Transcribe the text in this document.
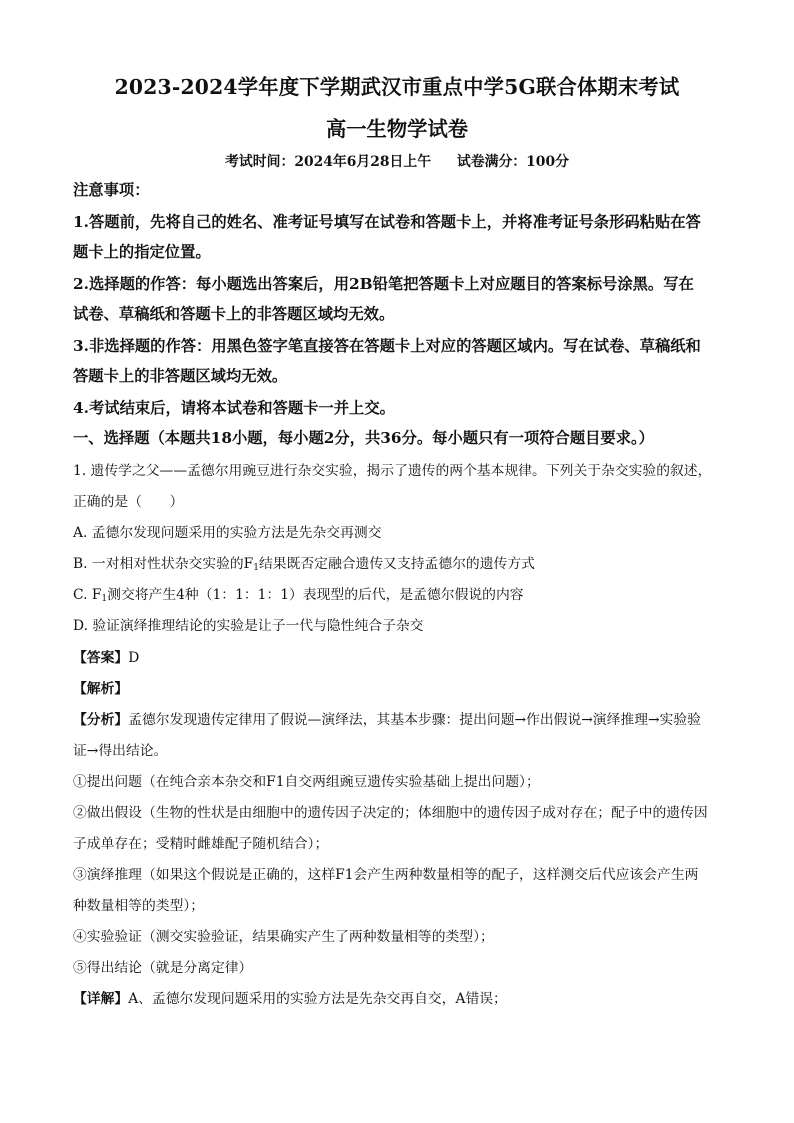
2023-2024学年度下学期武汉市重点中学5G联合体期末考试
高一生物学试卷
考试时间：2024年6月28日上午 试卷满分：100分
注意事项：
1.答题前，先将自己的姓名、准考证号填写在试卷和答题卡上，并将准考证号条形码粘贴在答
题卡上的指定位置。
2.选择题的作答：每小题选出答案后，用2B铅笔把答题卡上对应题目的答案标号涂黑。写在
试卷、草稿纸和答题卡上的非答题区域均无效。
3.非选择题的作答：用黑色签字笔直接答在答题卡上对应的答题区域内。写在试卷、草稿纸和
答题卡上的非答题区域均无效。
4.考试结束后，请将本试卷和答题卡一并上交。
一、选择题（本题共18小题，每小题2分，共36分。每小题只有一项符合题目要求。）
1. 遗传学之父——孟德尔用豌豆进行杂交实验，揭示了遗传的两个基本规律。下列关于杂交实验的叙述，
正确的是（　　）
A. 孟德尔发现问题采用的实验方法是先杂交再测交
B. 一对相对性状杂交实验的$F_1$结果既否定融合遗传又支持孟德尔的遗传方式
C. $F_1$测交将产生4种（1：1：1：1）表现型的后代，是孟德尔假说的内容
D. 验证演绎推理结论的实验是让子一代与隐性纯合子杂交
【答案】D
【解析】
【分析】孟德尔发现遗传定律用了假说—演绎法，其基本步骤：提出问题→作出假说→演绎推理→实验验
证→得出结论。
①提出问题（在纯合亲本杂交和F1自交两组豌豆遗传实验基础上提出问题）；
②做出假设（生物的性状是由细胞中的遗传因子决定的；体细胞中的遗传因子成对存在；配子中的遗传因
子成单存在；受精时雌雄配子随机结合）；
③演绎推理（如果这个假说是正确的，这样F1会产生两种数量相等的配子，这样测交后代应该会产生两
种数量相等的类型）；
④实验验证（测交实验验证，结果确实产生了两种数量相等的类型）；
⑤得出结论（就是分离定律）
【详解】A、孟德尔发现问题采用的实验方法是先杂交再自交，A错误；
